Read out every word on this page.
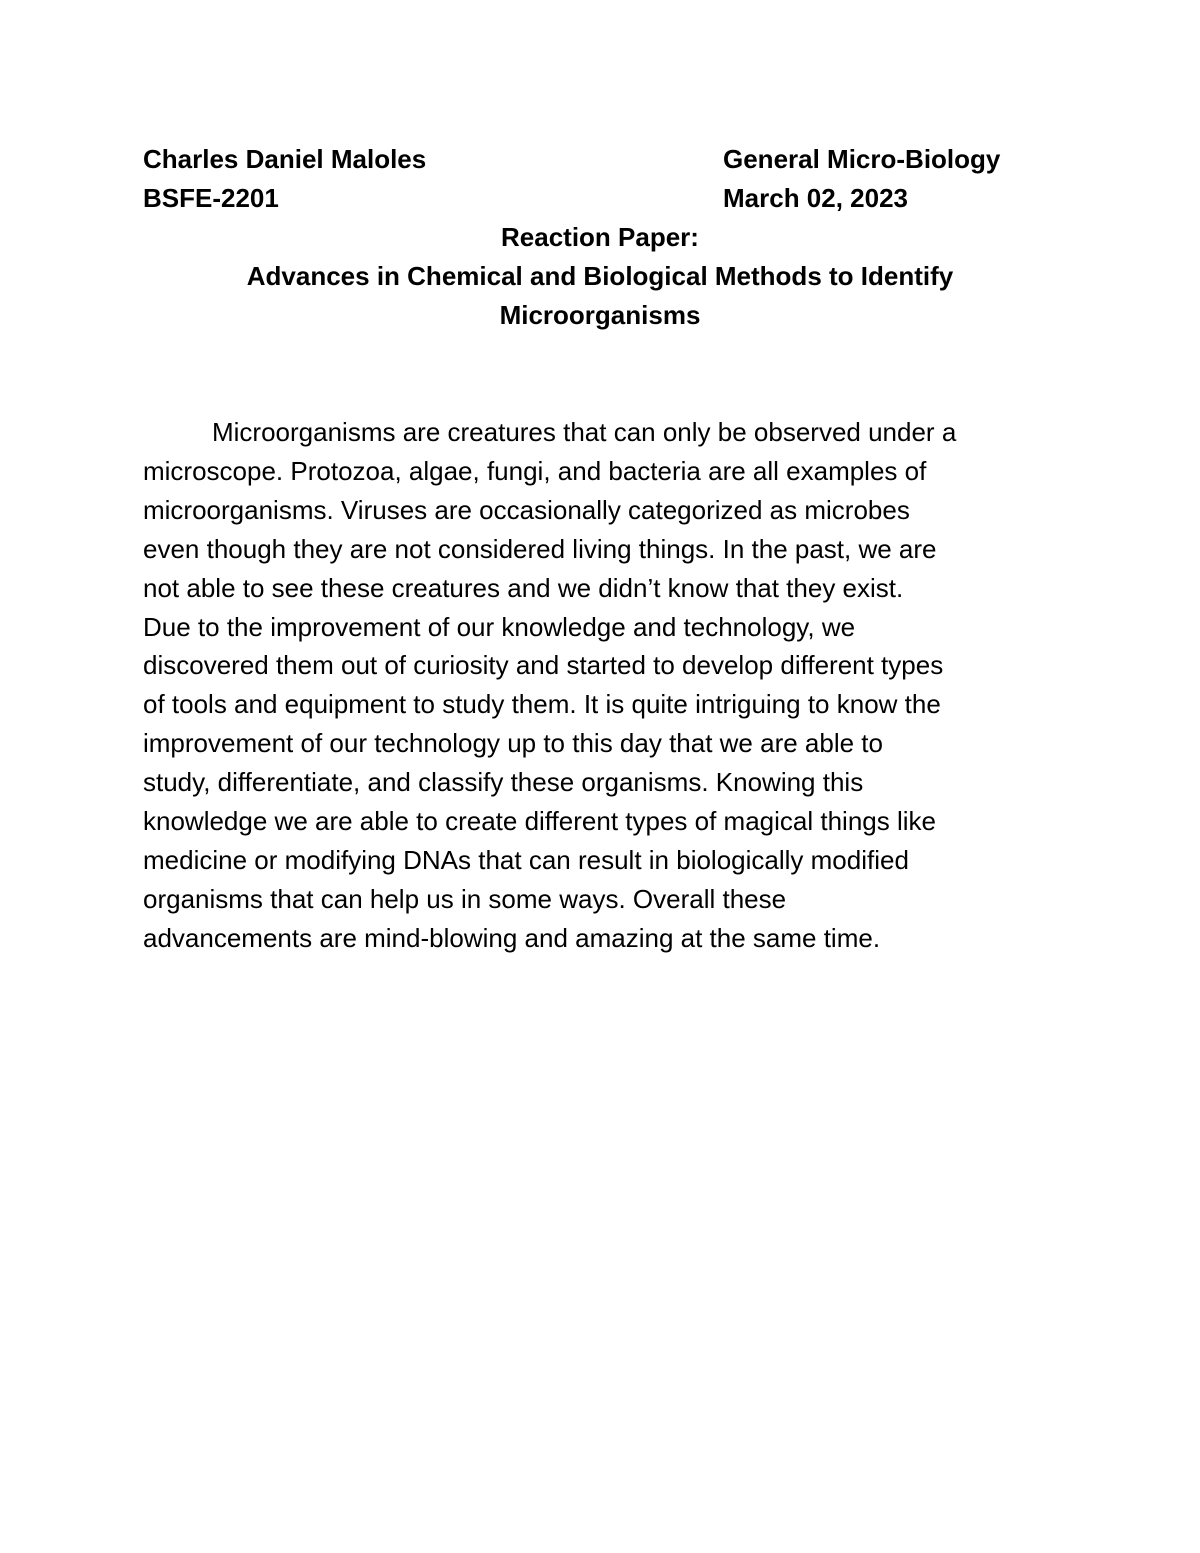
Charles Daniel Maloles	General Micro-Biology
BSFE-2201	March 02, 2023
Reaction Paper:
Advances in Chemical and Biological Methods to Identify
Microorganisms
Microorganisms are creatures that can only be observed under a
microscope. Protozoa, algae, fungi, and bacteria are all examples of
microorganisms. Viruses are occasionally categorized as microbes
even though they are not considered living things. In the past, we are
not able to see these creatures and we didn’t know that they exist.
Due to the improvement of our knowledge and technology, we
discovered them out of curiosity and started to develop different types
of tools and equipment to study them. It is quite intriguing to know the
improvement of our technology up to this day that we are able to
study, differentiate, and classify these organisms. Knowing this
knowledge we are able to create different types of magical things like
medicine or modifying DNAs that can result in biologically modified
organisms that can help us in some ways. Overall these
advancements are mind-blowing and amazing at the same time.
